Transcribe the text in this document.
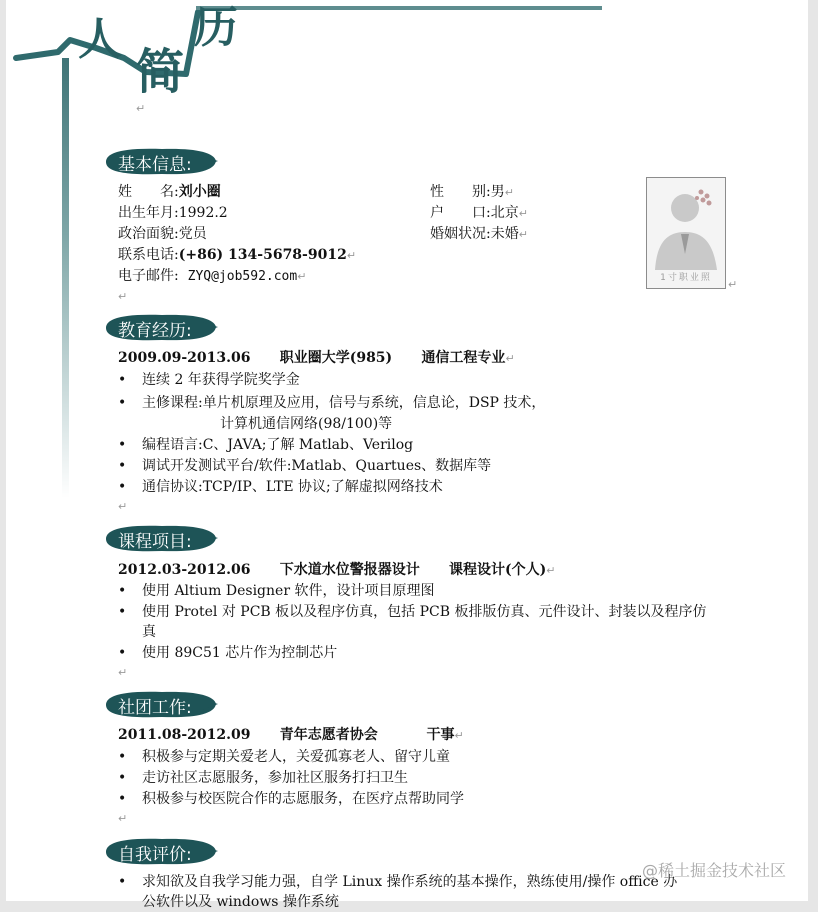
人
简
历
↵
基本信息:
姓　　名:刘小圈	性　　别:男↵
出生年月:1992.2	户　　口:北京↵
政治面貌:党员	婚姻状况:未婚↵
联系电话:(+86) 134-5678-9012↵
电子邮件: ZYQ@job592.com↵
↵
1寸职业照	↵
教育经历:
2009.09-2013.06 职业圈大学(985) 通信工程专业↵
• 连续 2 年获得学院奖学金
• 主修课程:单片机原理及应用，信号与系统，信息论，DSP 技术，
计算机通信网络(98/100)等
• 编程语言:C、JAVA;了解 Matlab、Verilog
• 调试开发测试平台/软件:Matlab、Quartues、数据库等
• 通信协议:TCP/IP、LTE 协议;了解虚拟网络技术
↵
课程项目:
2012.03-2012.06 下水道水位警报器设计 课程设计(个人)↵
• 使用 Altium Designer 软件，设计项目原理图
• 使用 Protel 对 PCB 板以及程序仿真，包括 PCB 板排版仿真、元件设计、封装以及程序仿
真
• 使用 89C51 芯片作为控制芯片
↵
社团工作:
2011.08-2012.09 青年志愿者协会	干事↵
• 积极参与定期关爱老人，关爱孤寡老人、留守儿童
• 走访社区志愿服务，参加社区服务打扫卫生
• 积极参与校医院合作的志愿服务，在医疗点帮助同学
↵
自我评价:
• 求知欲及自我学习能力强，自学 Linux 操作系统的基本操作，熟练使用/操作 office 办
公软件以及 windows 操作系统
@稀土掘金技术社区
